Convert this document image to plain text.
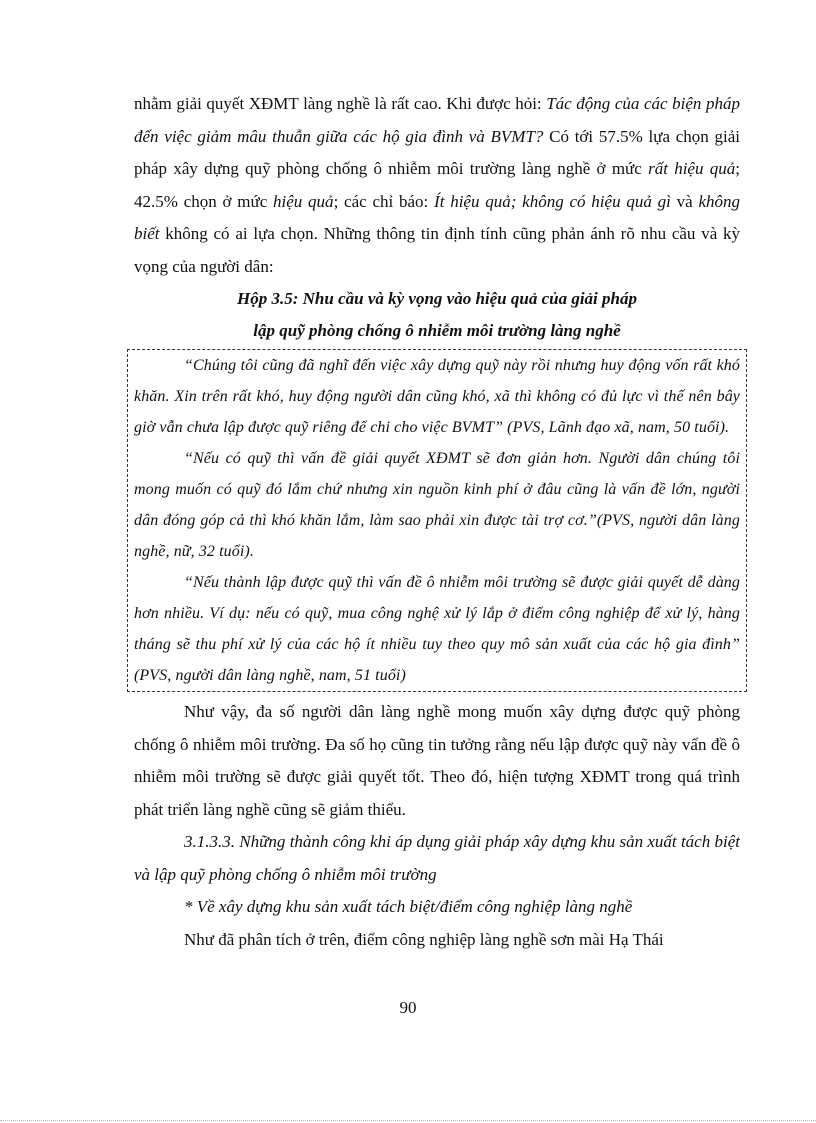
nhằm giải quyết XĐMT làng nghề là rất cao. Khi được hỏi: Tác động của các biện pháp đến việc giảm mâu thuẫn giữa các hộ gia đình và BVMT? Có tới 57.5% lựa chọn giải pháp xây dựng quỹ phòng chống ô nhiễm môi trường làng nghề ở mức rất hiệu quả; 42.5% chọn ở mức hiệu quả; các chỉ báo: Ít hiệu quả; không có hiệu quả gì và không biết không có ai lựa chọn. Những thông tin định tính cũng phản ánh rõ nhu cầu và kỳ vọng của người dân:

Hộp 3.5: Nhu cầu và kỳ vọng vào hiệu quả của giải pháp

lập quỹ phòng chống ô nhiễm môi trường làng nghề

“Chúng tôi cũng đã nghĩ đến việc xây dựng quỹ này rồi nhưng huy động vốn rất khó khăn. Xin trên rất khó, huy động người dân cũng khó, xã thì không có đủ lực vì thế nên bây giờ vẫn chưa lập được quỹ riêng để chi cho việc BVMT” (PVS, Lãnh đạo xã, nam, 50 tuổi).

“Nếu có quỹ thì vấn đề giải quyết XĐMT sẽ đơn giản hơn. Người dân chúng tôi mong muốn có quỹ đó lắm chứ nhưng xin nguồn kinh phí ở đâu cũng là vấn đề lớn, người dân đóng góp cả thì khó khăn lắm, làm sao phải xin được tài trợ cơ.”(PVS, người dân làng nghề, nữ, 32 tuổi).

“Nếu thành lập được quỹ thì vấn đề ô nhiễm môi trường sẽ được giải quyết dễ dàng hơn nhiều. Ví dụ: nếu có quỹ, mua công nghệ xử lý lắp ở điểm công nghiệp để xử lý, hàng tháng sẽ thu phí xử lý của các hộ ít nhiều tuy theo quy mô sản xuất của các hộ gia đình” (PVS, người dân làng nghề, nam, 51 tuổi)

Như vậy, đa số người dân làng nghề mong muốn xây dựng được quỹ phòng chống ô nhiễm môi trường. Đa số họ cũng tin tưởng rằng nếu lập được quỹ này vấn đề ô nhiễm môi trường sẽ được giải quyết tốt. Theo đó, hiện tượng XĐMT trong quá trình phát triển làng nghề cũng sẽ giảm thiểu.

3.1.3.3. Những thành công khi áp dụng giải pháp xây dựng khu sản xuất tách biệt và lập quỹ phòng chống ô nhiễm môi trường

* Về xây dựng khu sản xuất tách biệt/điểm công nghiệp làng nghề

Như đã phân tích ở trên, điểm công nghiệp làng nghề sơn mài Hạ Thái

90
